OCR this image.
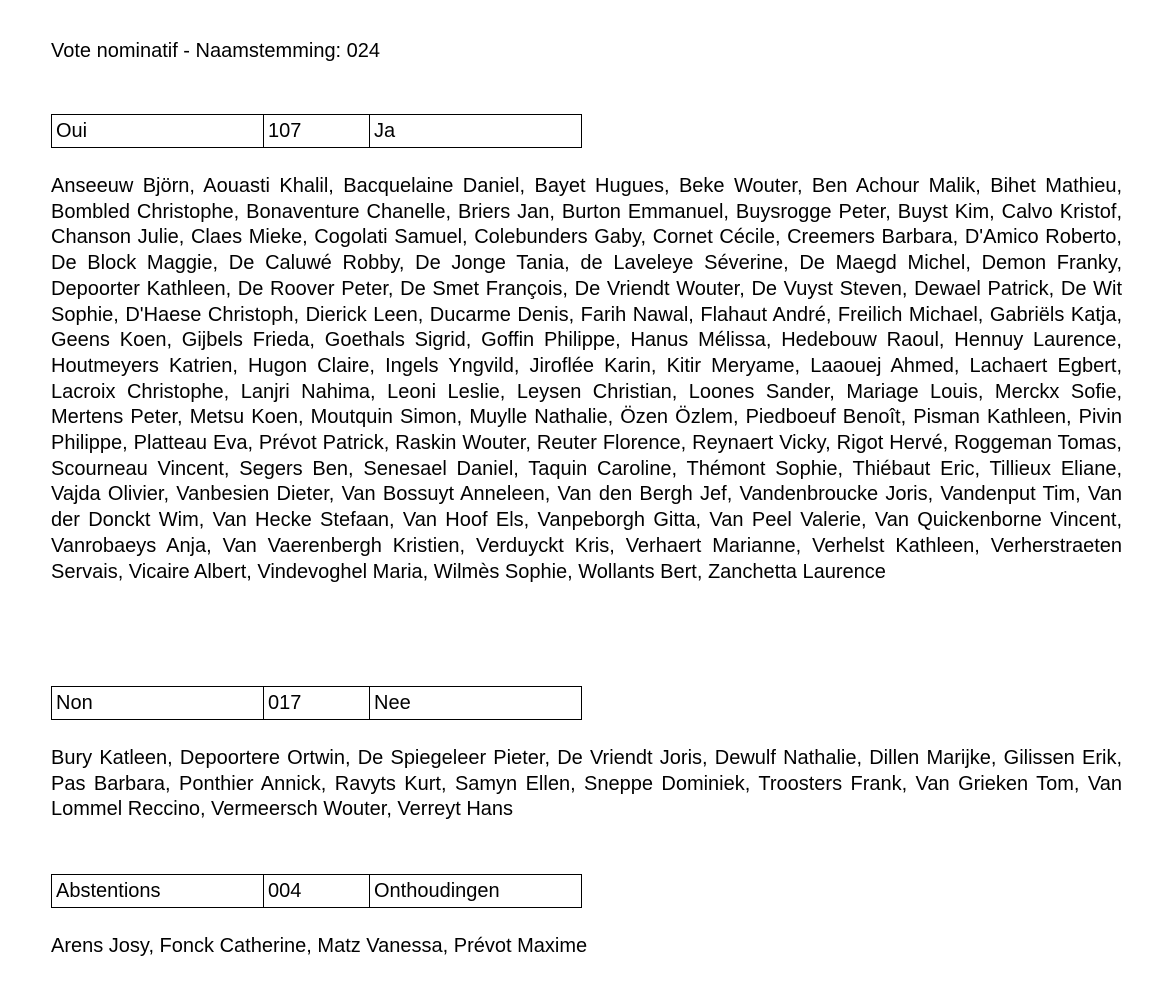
Vote nominatif - Naamstemming: 024
Oui	107	Ja

Anseeuw Björn, Aouasti Khalil, Bacquelaine Daniel, Bayet Hugues, Beke Wouter, Ben Achour Malik, Bihet Mathieu, Bombled Christophe, Bonaventure Chanelle, Briers Jan, Burton Emmanuel, Buysrogge Peter, Buyst Kim, Calvo Kristof, Chanson Julie, Claes Mieke, Cogolati Samuel, Colebunders Gaby, Cornet Cécile, Creemers Barbara, D'Amico Roberto, De Block Maggie, De Caluwé Robby, De Jonge Tania, de Laveleye Séverine, De Maegd Michel, Demon Franky, Depoorter Kathleen, De Roover Peter, De Smet François, De Vriendt Wouter, De Vuyst Steven, Dewael Patrick, De Wit Sophie, D'Haese Christoph, Dierick Leen, Ducarme Denis, Farih Nawal, Flahaut André, Freilich Michael, Gabriëls Katja, Geens Koen, Gijbels Frieda, Goethals Sigrid, Goffin Philippe, Hanus Mélissa, Hedebouw Raoul, Hennuy Laurence, Houtmeyers Katrien, Hugon Claire, Ingels Yngvild, Jiroflée Karin, Kitir Meryame, Laaouej Ahmed, Lachaert Egbert, Lacroix Christophe, Lanjri Nahima, Leoni Leslie, Leysen Christian, Loones Sander, Mariage Louis, Merckx Sofie, Mertens Peter, Metsu Koen, Moutquin Simon, Muylle Nathalie, Özen Özlem, Piedboeuf Benoît, Pisman Kathleen, Pivin Philippe, Platteau Eva, Prévot Patrick, Raskin Wouter, Reuter Florence, Reynaert Vicky, Rigot Hervé, Roggeman Tomas, Scourneau Vincent, Segers Ben, Senesael Daniel, Taquin Caroline, Thémont Sophie, Thiébaut Eric, Tillieux Eliane, Vajda Olivier, Vanbesien Dieter, Van Bossuyt Anneleen, Van den Bergh Jef, Vandenbroucke Joris, Vandenput Tim, Van der Donckt Wim, Van Hecke Stefaan, Van Hoof Els, Vanpeborgh Gitta, Van Peel Valerie, Van Quickenborne Vincent, Vanrobaeys Anja, Van Vaerenbergh Kristien, Verduyckt Kris, Verhaert Marianne, Verhelst Kathleen, Verherstraeten Servais, Vicaire Albert, Vindevoghel Maria, Wilmès Sophie, Wollants Bert, Zanchetta Laurence

Non	017	Nee

Bury Katleen, Depoortere Ortwin, De Spiegeleer Pieter, De Vriendt Joris, Dewulf Nathalie, Dillen Marijke, Gilissen Erik, Pas Barbara, Ponthier Annick, Ravyts Kurt, Samyn Ellen, Sneppe Dominiek, Troosters Frank, Van Grieken Tom, Van Lommel Reccino, Vermeersch Wouter, Verreyt Hans

Abstentions	004	Onthoudingen

Arens Josy, Fonck Catherine, Matz Vanessa, Prévot Maxime
